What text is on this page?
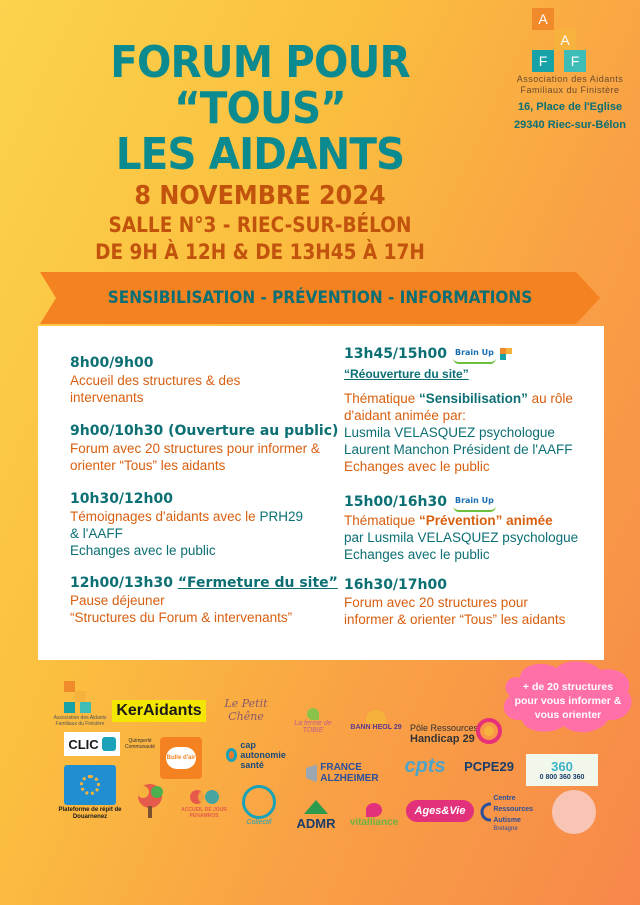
FORUM POUR “TOUS”
LES AIDANTS
8 NOVEMBRE 2024
SALLE N°3 - RIEC-SUR-BÉLON
DE 9H À 12H & DE 13H45 À 17H
A
A
F	F
Association des Aidants
Familiaux du Finistère
16, Place de l'Eglise
29340 Riec-sur-Bélon
SENSIBILISATION - PRÉVENTION - INFORMATIONS
8h00/9h00
Accueil des structures & des
intervenants
9h00/10h30 (Ouverture au public)
Forum avec 20 structures pour informer &
orienter “Tous” les aidants
10h30/12h00
Témoignages d'aidants avec le PRH29
& l'AAFF
Echanges avec le public
12h00/13h30 “Fermeture du site”
Pause déjeuner
“Structures du Forum & intervenants”
13h45/15h00 Brain Up
“Réouverture du site”
Thématique “Sensibilisation” au rôle
d'aidant animée par:
Lusmila VELASQUEZ psychologue
Laurent Manchon Président de l'AAFF
Echanges avec le public
15h00/16h30 Brain Up
Thématique “Prévention” animée
par Lusmila VELASQUEZ psychologue
Echanges avec le public
16h30/17h00
Forum avec 20 structures pour
informer & orienter “Tous” les aidants
+ de 20 structures
pour vous informer &
vous orienter
Association des Aidants Familiaux du Finistère
KerAidants	Le Petit Chêne
La ferme de TOBIE	BANN HEOL 29 Pôle Ressources
Handicap 29
CLIC	Quimperlé Communauté
Bulle d'air
cap autonomie santé	FRANCE ALZHEIMER
cpts PCPE29	360
0 800 360 360
Plateforme de répit de Douarnenez
ACCUEIL DE JOUR PENAMROS
Collectif ADMR vitalliance
Ages&Vie
Centre Ressources Autisme
Bretagne
